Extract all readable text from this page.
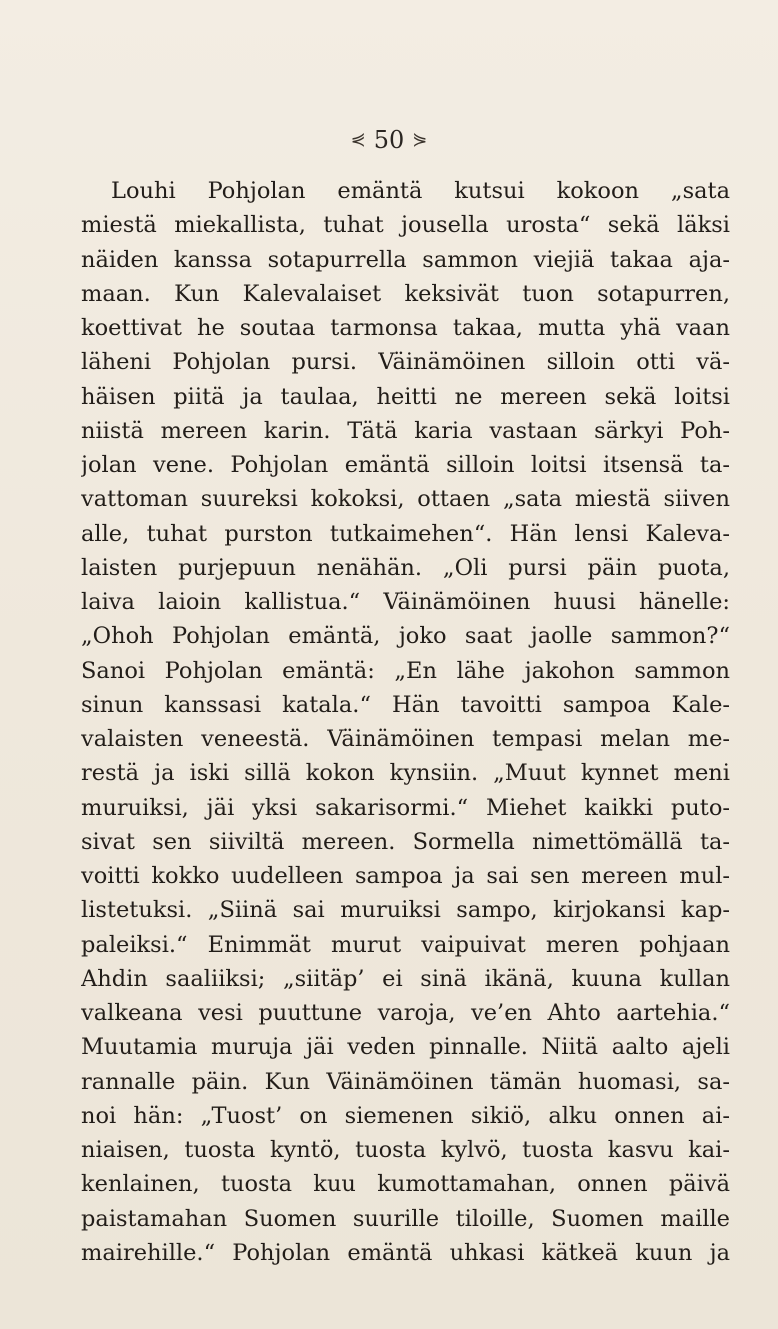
⋞ 50 ⋟
Louhi Pohjolan emäntä kutsui kokoon „sata
miestä miekallista, tuhat jousella urosta“ sekä läksi
näiden kanssa sotapurrella sammon viejiä takaa aja-
maan. Kun Kalevalaiset keksivät tuon sotapurren,
koettivat he soutaa tarmonsa takaa, mutta yhä vaan
läheni Pohjolan pursi. Väinämöinen silloin otti vä-
häisen piitä ja taulaa, heitti ne mereen sekä loitsi
niistä mereen karin. Tätä karia vastaan särkyi Poh-
jolan vene. Pohjolan emäntä silloin loitsi itsensä ta-
vattoman suureksi kokoksi, ottaen „sata miestä siiven
alle, tuhat purston tutkaimehen“. Hän lensi Kaleva-
laisten purjepuun nenähän. „Oli pursi päin puota,
laiva laioin kallistua.“ Väinämöinen huusi hänelle:
„Ohoh Pohjolan emäntä, joko saat jaolle sammon?“
Sanoi Pohjolan emäntä: „En lähe jakohon sammon
sinun kanssasi katala.“ Hän tavoitti sampoa Kale-
valaisten veneestä. Väinämöinen tempasi melan me-
restä ja iski sillä kokon kynsiin. „Muut kynnet meni
muruiksi, jäi yksi sakarisormi.“ Miehet kaikki puto-
sivat sen siiviltä mereen. Sormella nimettömällä ta-
voitti kokko uudelleen sampoa ja sai sen mereen mul-
listetuksi. „Siinä sai muruiksi sampo, kirjokansi kap-
paleiksi.“ Enimmät murut vaipuivat meren pohjaan
Ahdin saaliiksi; „siitäp’ ei sinä ikänä, kuuna kullan
valkeana vesi puuttune varoja, ve’en Ahto aartehia.“
Muutamia muruja jäi veden pinnalle. Niitä aalto ajeli
rannalle päin. Kun Väinämöinen tämän huomasi, sa-
noi hän: „Tuost’ on siemenen sikiö, alku onnen ai-
niaisen, tuosta kyntö, tuosta kylvö, tuosta kasvu kai-
kenlainen, tuosta kuu kumottamahan, onnen päivä
paistamahan Suomen suurille tiloille, Suomen maille
mairehille.“ Pohjolan emäntä uhkasi kätkeä kuun ja
